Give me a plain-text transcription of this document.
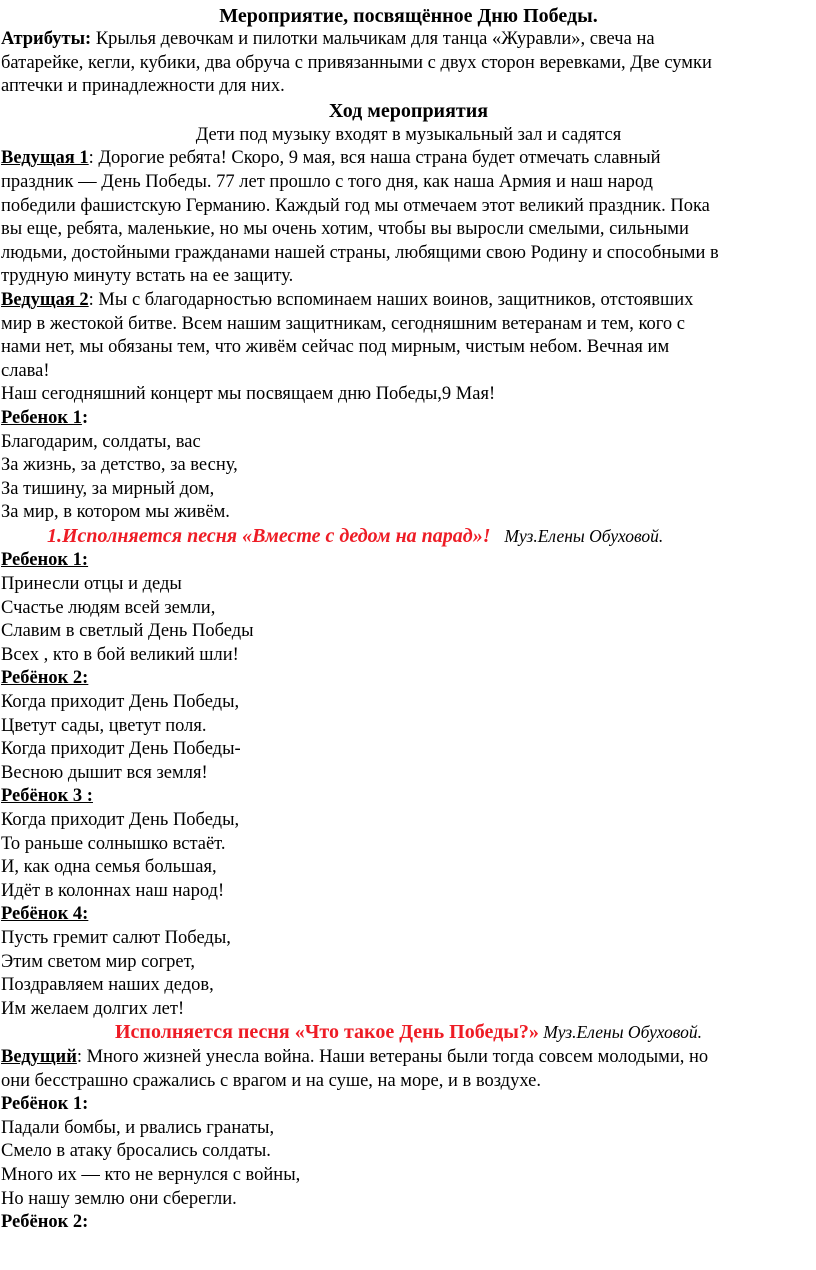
Мероприятие, посвящённое Дню Победы.

Атрибуты: Крылья девочкам и пилотки мальчикам для танца «Журавли», свеча на

батарейке, кегли, кубики, два обруча с привязанными с двух сторон веревками, Две сумки

аптечки и принадлежности для них.

Ход мероприятия

Дети под музыку входят в музыкальный зал и садятся

Ведущая 1: Дорогие ребята! Скоро, 9 мая, вся наша страна будет отмечать славный

праздник — День Победы. 77 лет прошло с того дня, как наша Армия и наш народ

победили фашистскую Германию. Каждый год мы отмечаем этот великий праздник. Пока

вы еще, ребята, маленькие, но мы очень хотим, чтобы вы выросли смелыми, сильными

людьми, достойными гражданами нашей страны, любящими свою Родину и способными в

трудную минуту встать на ее защиту.

Ведущая 2: Мы с благодарностью вспоминаем наших воинов, защитников, отстоявших

мир в жестокой битве. Всем нашим защитникам, сегодняшним ветеранам и тем, кого с

нами нет, мы обязаны тем, что живём сейчас под мирным, чистым небом. Вечная им

слава!

Наш сегодняшний концерт мы посвящаем дню Победы,9 Мая!

Ребенок 1:

Благодарим, солдаты, вас

За жизнь, за детство, за весну,

За тишину, за мирный дом,

За мир, в котором мы живём.

1.Исполняется песня «Вместе с дедом на парад»! Муз.Елены Обуховой.

Ребенок 1:

Принесли отцы и деды

Счастье людям всей земли,

Славим в светлый День Победы

Всех , кто в бой великий шли!

Ребёнок 2:

Когда приходит День Победы,

Цветут сады, цветут поля.

Когда приходит День Победы-

Весною дышит вся земля!

Ребёнок 3 :

Когда приходит День Победы,

То раньше солнышко встаёт.

И, как одна семья большая,

Идёт в колоннах наш народ!

Ребёнок 4:

Пусть гремит салют Победы,

Этим светом мир согрет,

Поздравляем наших дедов,

Им желаем долгих лет!

Исполняется песня «Что такое День Победы?» Муз.Елены Обуховой.

Ведущий: Много жизней унесла война. Наши ветераны были тогда совсем молодыми, но

они бесстрашно сражались с врагом и на суше, на море, и в воздухе.

Ребёнок 1:

Падали бомбы, и рвались гранаты,

Смело в атаку бросались солдаты.

Много их — кто не вернулся с войны,

Но нашу землю они сберегли.

Ребёнок 2:
